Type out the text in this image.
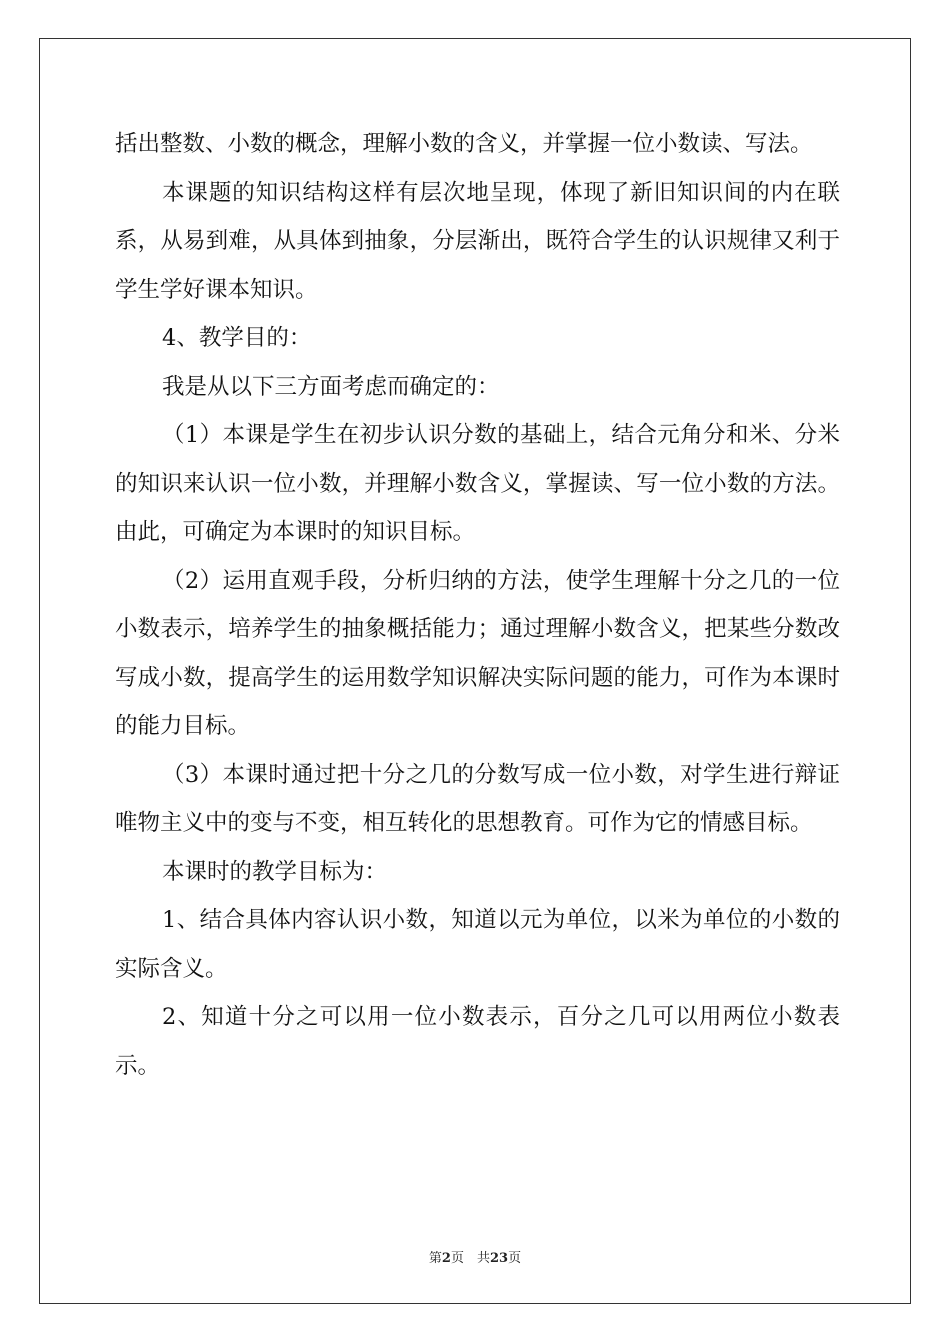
括出整数、小数的概念，理解小数的含义，并掌握一位小数读、写法。

本课题的知识结构这样有层次地呈现，体现了新旧知识间的内在联系，从易到难，从具体到抽象，分层渐出，既符合学生的认识规律又利于学生学好课本知识。

4、教学目的：

我是从以下三方面考虑而确定的：

（1）本课是学生在初步认识分数的基础上，结合元角分和米、分米的知识来认识一位小数，并理解小数含义，掌握读、写一位小数的方法。由此，可确定为本课时的知识目标。

（2）运用直观手段，分析归纳的方法，使学生理解十分之几的一位小数表示，培养学生的抽象概括能力；通过理解小数含义，把某些分数改写成小数，提高学生的运用数学知识解决实际问题的能力，可作为本课时的能力目标。

（3）本课时通过把十分之几的分数写成一位小数，对学生进行辩证唯物主义中的变与不变，相互转化的思想教育。可作为它的情感目标。

本课时的教学目标为：

1、结合具体内容认识小数，知道以元为单位，以米为单位的小数的实际含义。

2、知道十分之可以用一位小数表示，百分之几可以用两位小数表示。

第2页　共23页
